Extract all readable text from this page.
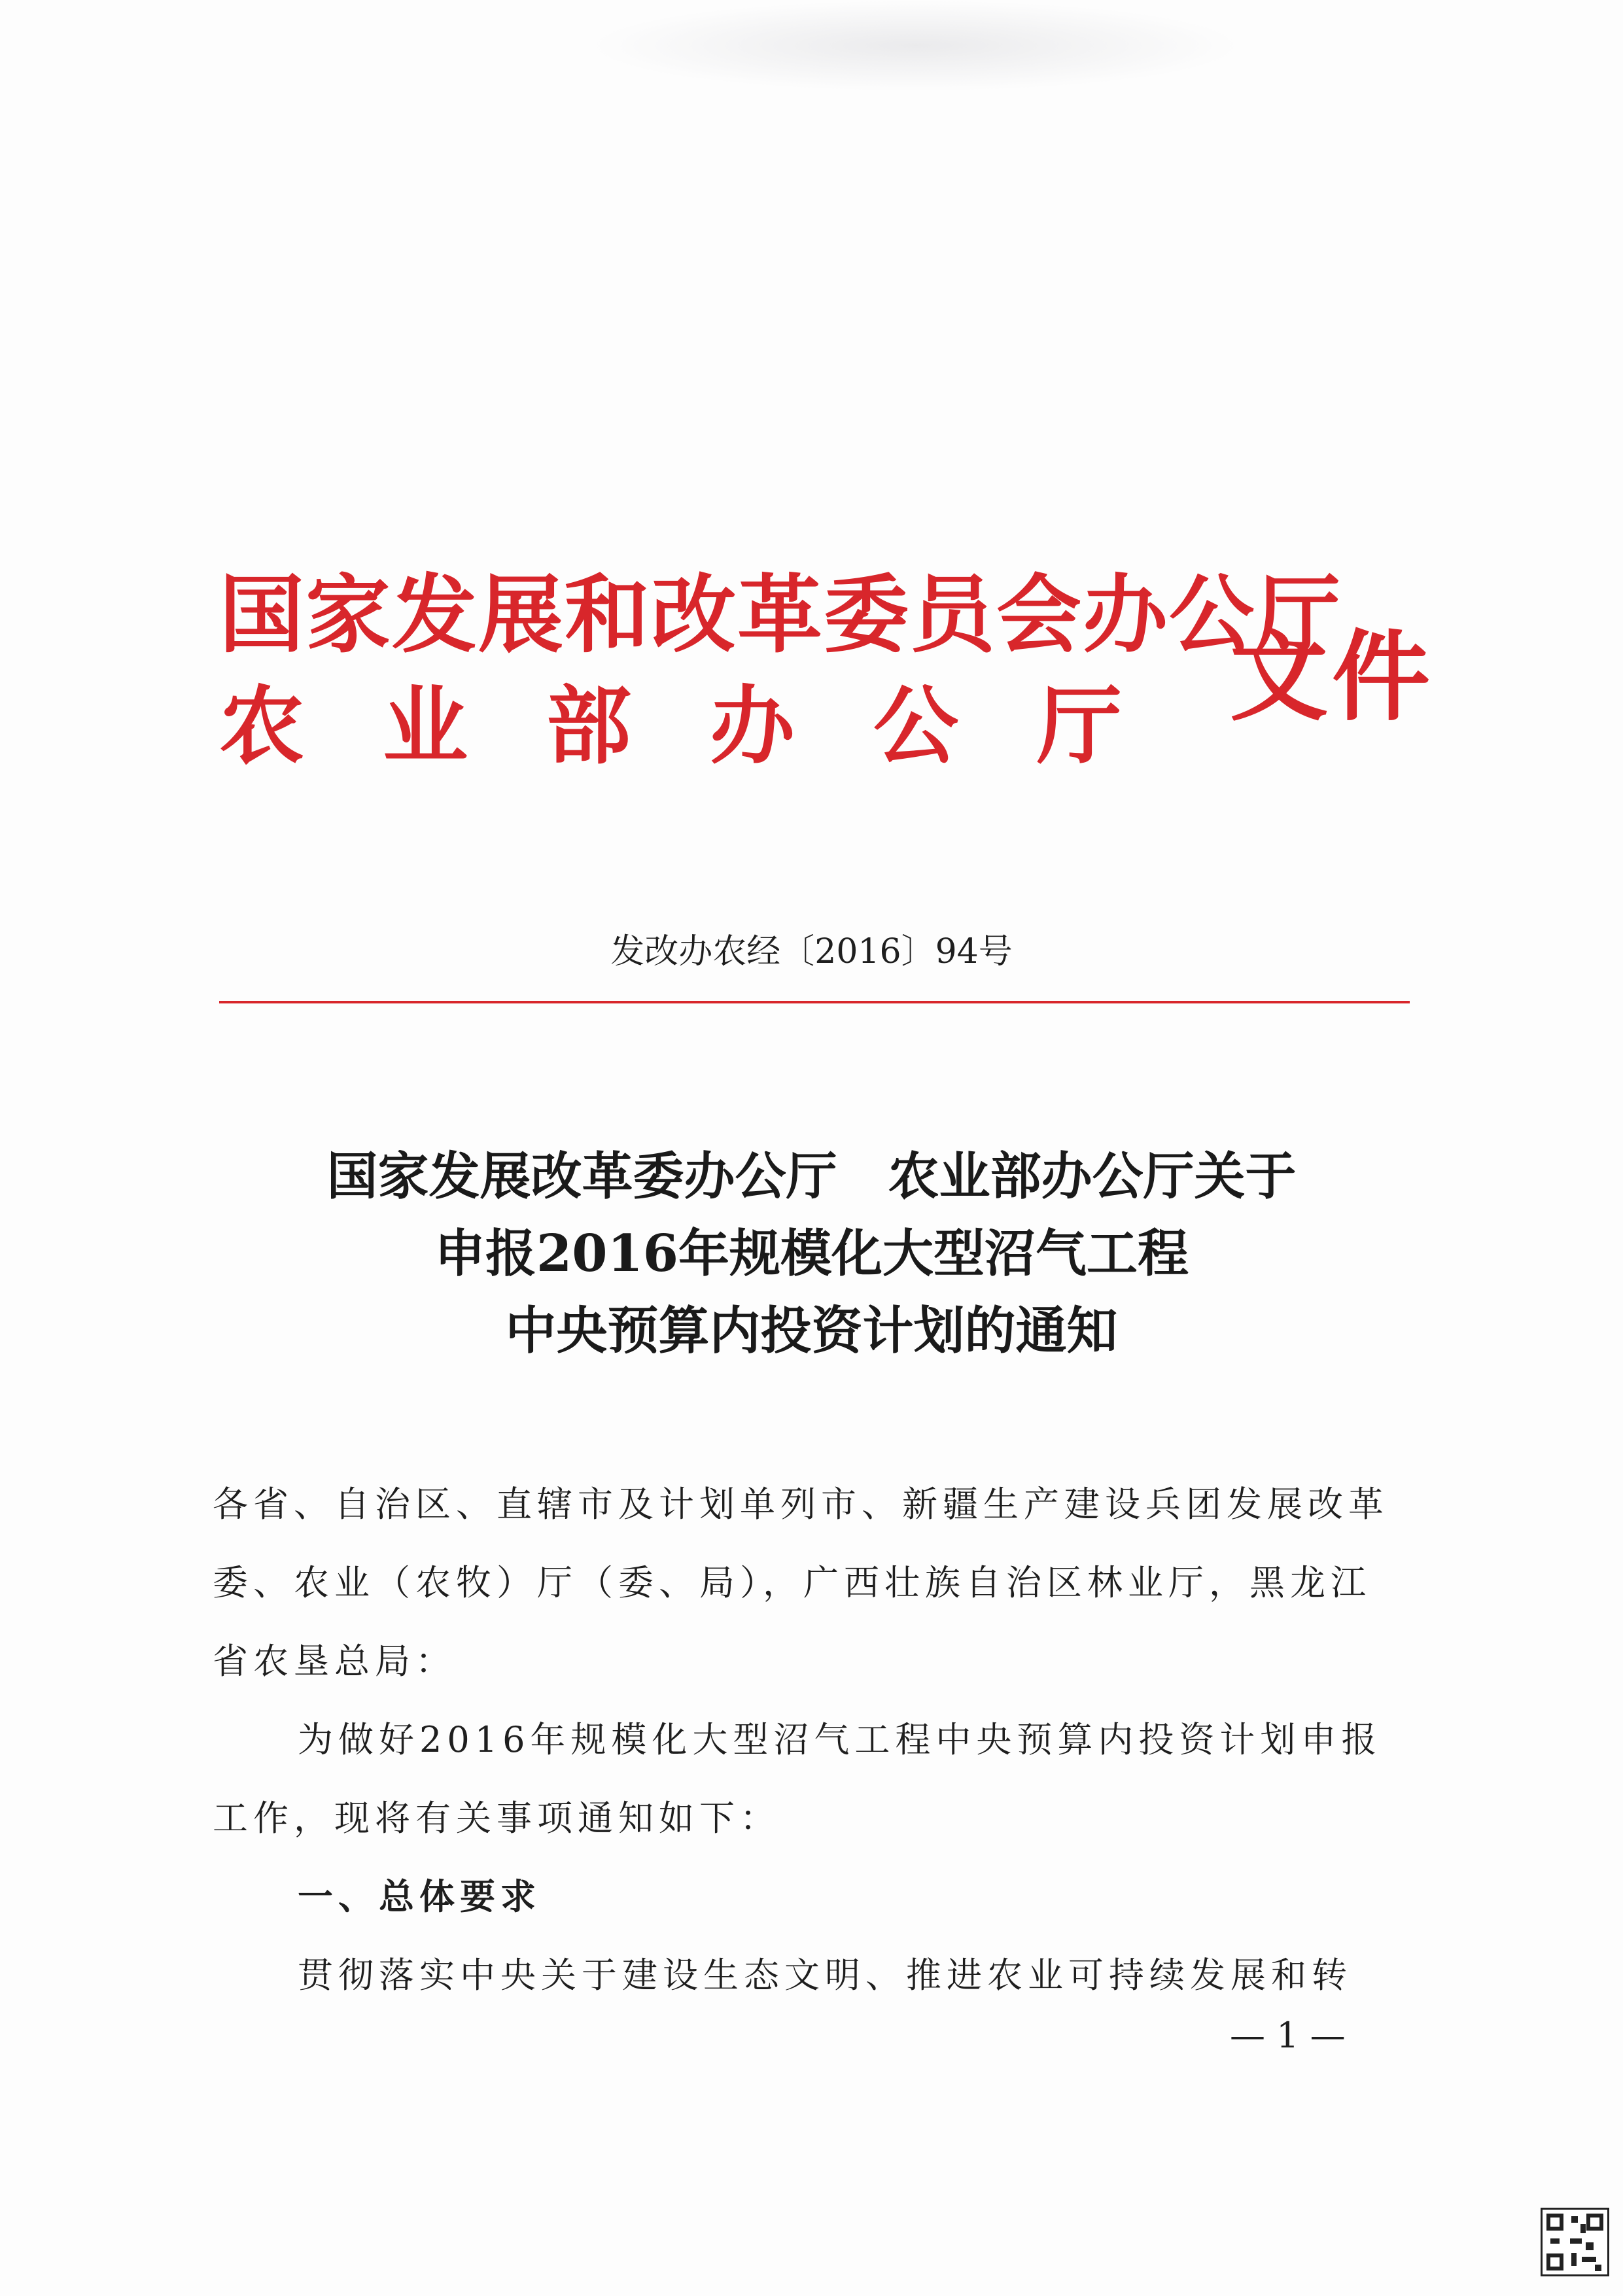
国家发展和改革委员会办公厅
农业部办公厅 文件
发改办农经〔2016〕94号
国家发展改革委办公厅　农业部办公厅关于
申报2016年规模化大型沼气工程
中央预算内投资计划的通知

各省、自治区、直辖市及计划单列市、新疆生产建设兵团发展改革委、农业（农牧）厅（委、局），广西壮族自治区林业厅，黑龙江省农垦总局：

为做好2016年规模化大型沼气工程中央预算内投资计划申报工作，现将有关事项通知如下：

一、总体要求

贯彻落实中央关于建设生态文明、推进农业可持续发展和转

— 1 —
